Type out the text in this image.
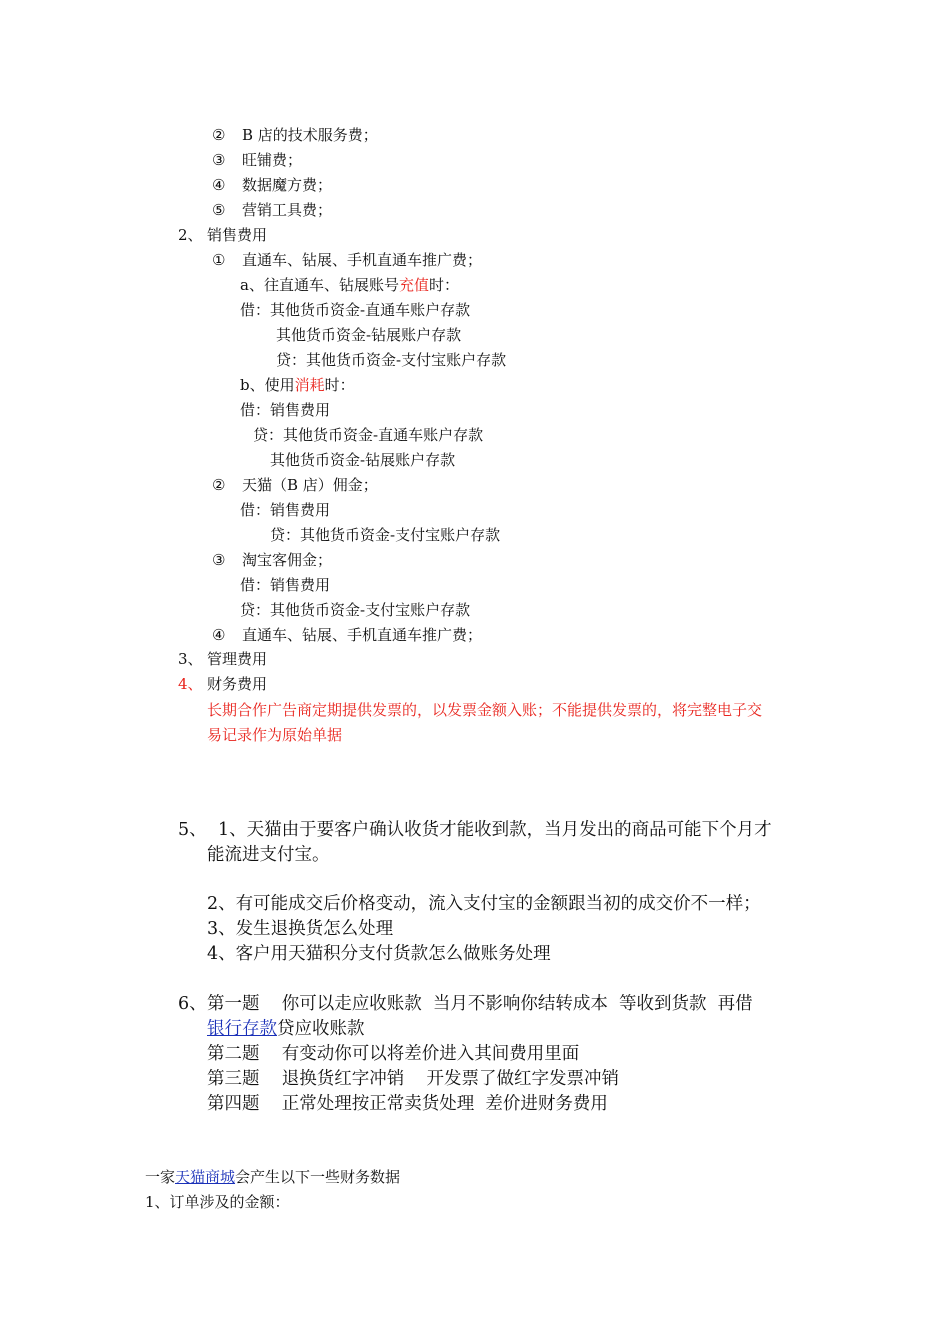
② B 店的技术服务费；
③ 旺铺费；
④ 数据魔方费；
⑤ 营销工具费；
2、 销售费用
① 直通车、钻展、手机直通车推广费；
a、往直通车、钻展账号充值时：
借：其他货币资金-直通车账户存款
其他货币资金-钻展账户存款
贷：其他货币资金-支付宝账户存款
b、使用消耗时：
借：销售费用
贷：其他货币资金-直通车账户存款
其他货币资金-钻展账户存款
② 天猫（B 店）佣金；
借：销售费用
贷：其他货币资金-支付宝账户存款
③ 淘宝客佣金；
借：销售费用
贷：其他货币资金-支付宝账户存款
④ 直通车、钻展、手机直通车推广费；
3、 管理费用
4、 财务费用
长期合作广告商定期提供发票的，以发票金额入账；不能提供发票的，将完整电子交
易记录作为原始单据
5、 1、天猫由于要客户确认收货才能收到款，当月发出的商品可能下个月才
能流进支付宝。
2、有可能成交后价格变动，流入支付宝的金额跟当初的成交价不一样；
3、发生退换货怎么处理
4、客户用天猫积分支付货款怎么做账务处理
6、 第一题    你可以走应收账款  当月不影响你结转成本  等收到货款  再借
银行存款贷应收账款
第二题    有变动你可以将差价进入其间费用里面
第三题    退换货红字冲销    开发票了做红字发票冲销
第四题    正常处理按正常卖货处理  差价进财务费用
一家天猫商城会产生以下一些财务数据
1、订单涉及的金额：
